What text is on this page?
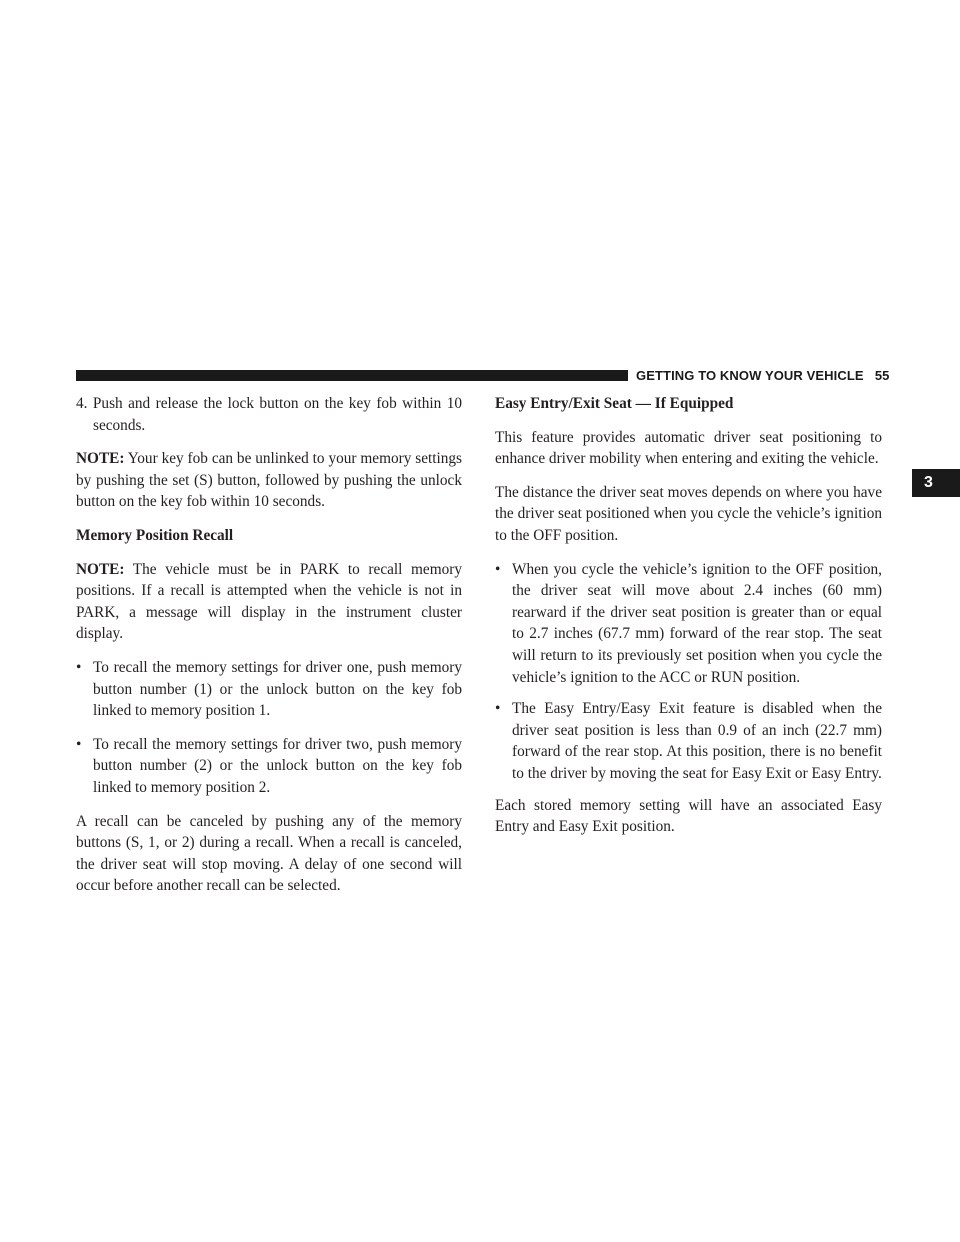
GETTING TO KNOW YOUR VEHICLE 55
3

4. Push and release the lock button on the key fob within 10 seconds.

NOTE: Your key fob can be unlinked to your memory settings by pushing the set (S) button, followed by pushing the unlock button on the key fob within 10 seconds.

Memory Position Recall

NOTE: The vehicle must be in PARK to recall memory positions. If a recall is attempted when the vehicle is not in PARK, a message will display in the instrument cluster display.

• To recall the memory settings for driver one, push memory button number (1) or the unlock button on the key fob linked to memory position 1.
• To recall the memory settings for driver two, push memory button number (2) or the unlock button on the key fob linked to memory position 2.

A recall can be canceled by pushing any of the memory buttons (S, 1, or 2) during a recall. When a recall is canceled, the driver seat will stop moving. A delay of one second will occur before another recall can be selected.

Easy Entry/Exit Seat — If Equipped

This feature provides automatic driver seat positioning to enhance driver mobility when entering and exiting the vehicle.

The distance the driver seat moves depends on where you have the driver seat positioned when you cycle the vehicle’s ignition to the OFF position.

• When you cycle the vehicle’s ignition to the OFF position, the driver seat will move about 2.4 inches (60 mm) rearward if the driver seat position is greater than or equal to 2.7 inches (67.7 mm) forward of the rear stop. The seat will return to its previously set position when you cycle the vehicle’s ignition to the ACC or RUN position.
• The Easy Entry/Easy Exit feature is disabled when the driver seat position is less than 0.9 of an inch (22.7 mm) forward of the rear stop. At this position, there is no benefit to the driver by moving the seat for Easy Exit or Easy Entry.

Each stored memory setting will have an associated Easy Entry and Easy Exit position.
